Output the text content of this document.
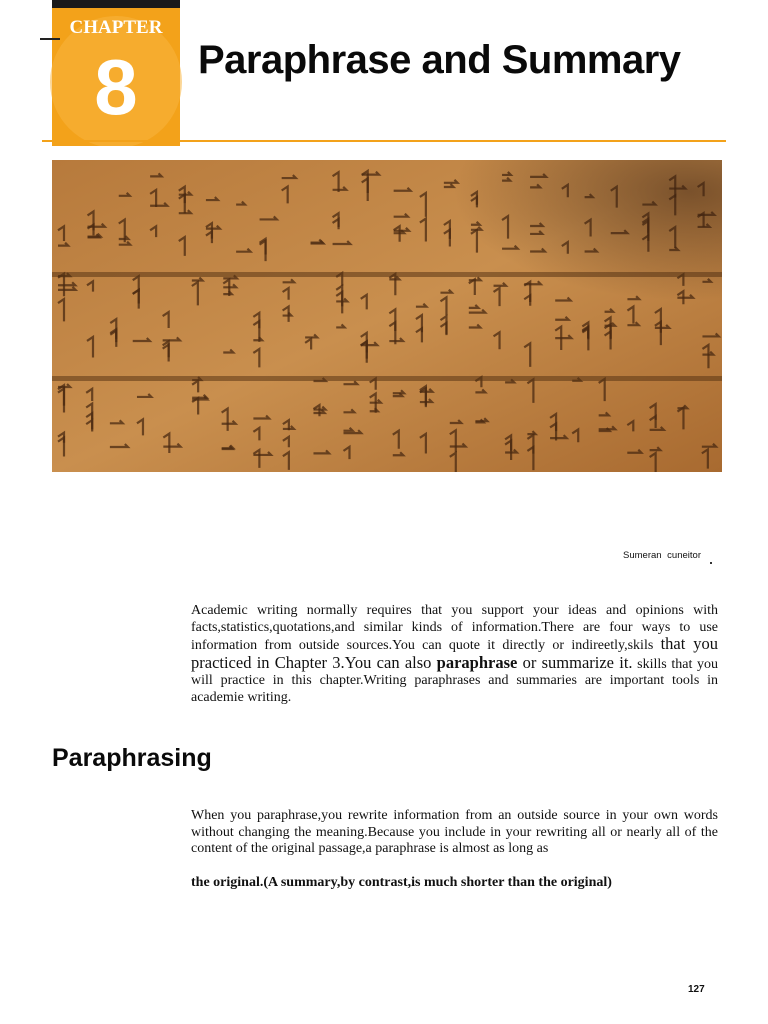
CHAPTER
8 Paraphrase and Summary
Sumeran cuneitor

Academic writing normally requires that you support your ideas and opinions with facts,statistics,quotations,and similar kinds of information.There are four ways to use information from outside sources.You can quote it directly or indireetly,skils that you practiced in Chapter 3.You can also paraphrase or summarize it. skills that you will practice in this chapter.Writing paraphrases and summaries are important tools in academie writing.

Paraphrasing

When you paraphrase,you rewrite information from an outside source in your own words without changing the meaning.Because you include in your rewriting all or nearly all of the content of the original passage,a paraphrase is almost as long as

the original.(A summary,by contrast,is much shorter than the original)

127
